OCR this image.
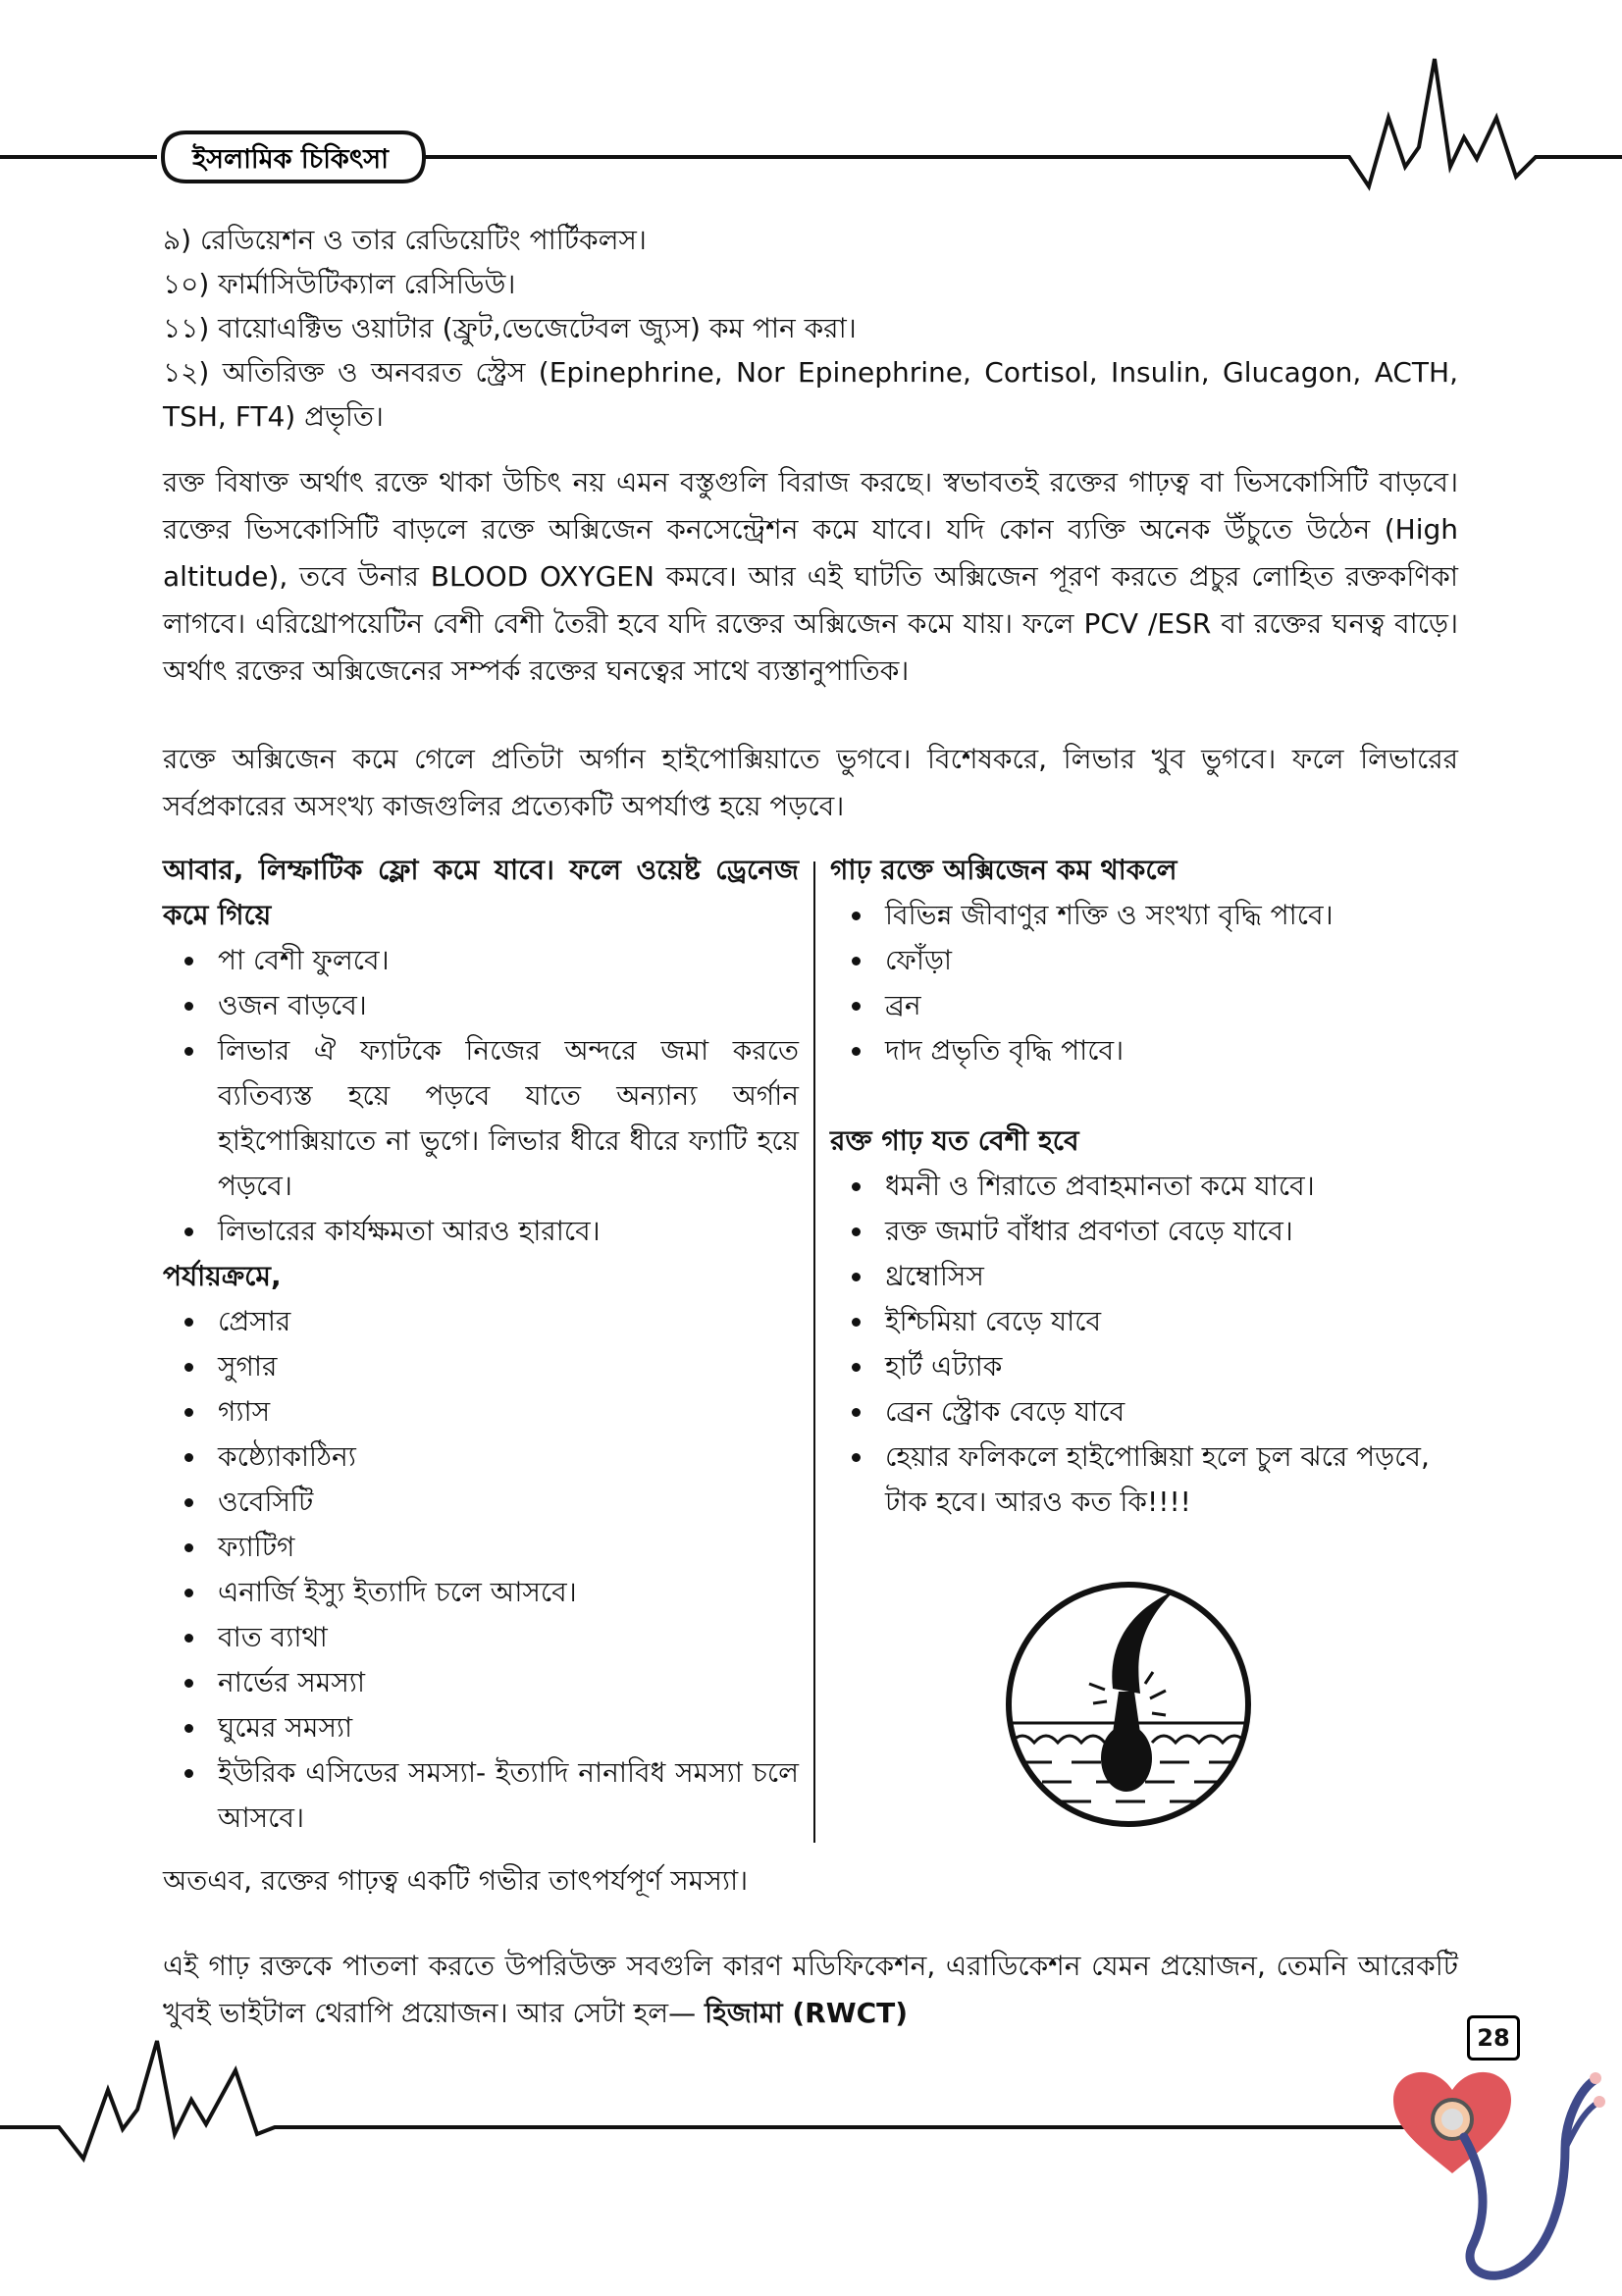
ইসলামিক চিকিৎসা
৯) রেডিয়েশন ও তার রেডিয়েটিং পার্টিকলস।
১০) ফার্মাসিউটিক্যাল রেসিডিউ।
১১) বায়োএক্টিভ ওয়াটার (ফ্রুট,ভেজেটেবল জ্যুস) কম পান করা।
১২) অতিরিক্ত ও অনবরত স্ট্রেস (Epinephrine, Nor Epinephrine, Cortisol, Insulin, Glucagon, ACTH, TSH, FT4) প্রভৃতি।
রক্ত বিষাক্ত অর্থাৎ রক্তে থাকা উচিৎ নয় এমন বস্তুগুলি বিরাজ করছে। স্বভাবতই রক্তের গাঢ়ত্ব বা ভিসকোসিটি বাড়বে। রক্তের ভিসকোসিটি বাড়লে রক্তে অক্সিজেন কনসেন্ট্রেশন কমে যাবে। যদি কোন ব্যক্তি অনেক উঁচুতে উঠেন (High altitude), তবে উনার BLOOD OXYGEN কমবে। আর এই ঘাটতি অক্সিজেন পূরণ করতে প্রচুর লোহিত রক্তকণিকা লাগবে। এরিথ্রোপয়েটিন বেশী বেশী তৈরী হবে যদি রক্তের অক্সিজেন কমে যায়। ফলে PCV /ESR বা রক্তের ঘনত্ব বাড়ে। অর্থাৎ রক্তের অক্সিজেনের সম্পর্ক রক্তের ঘনত্বের সাথে ব্যস্তানুপাতিক।
রক্তে অক্সিজেন কমে গেলে প্রতিটা অর্গান হাইপোক্সিয়াতে ভুগবে। বিশেষকরে, লিভার খুব ভুগবে। ফলে লিভারের সর্বপ্রকারের অসংখ্য কাজগুলির প্রত্যেকটি অপর্যাপ্ত হয়ে পড়বে।
আবার, লিম্ফাটিক ফ্লো কমে যাবে। ফলে ওয়েষ্ট ড্রেনেজ কমে গিয়ে
পা বেশী ফুলবে।
ওজন বাড়বে।
লিভার ঐ ফ্যাটকে নিজের অন্দরে জমা করতে ব্যতিব্যস্ত হয়ে পড়বে যাতে অন্যান্য অর্গান হাইপোক্সিয়াতে না ভুগে। লিভার ধীরে ধীরে ফ্যাটি হয়ে পড়বে।
লিভারের কার্যক্ষমতা আরও হারাবে।
পর্যায়ক্রমে,
প্রেসার
সুগার
গ্যাস
কষ্ঠ্যোকাঠিন্য
ওবেসিটি
ফ্যাটিগ
এনার্জি ইস্যু ইত্যাদি চলে আসবে।
বাত ব্যাথা
নার্ভের সমস্যা
ঘুমের সমস্যা
ইউরিক এসিডের সমস্যা- ইত্যাদি নানাবিধ সমস্যা চলে আসবে।
গাঢ় রক্তে অক্সিজেন কম থাকলে
বিভিন্ন জীবাণুর শক্তি ও সংখ্যা বৃদ্ধি পাবে।
ফোঁড়া
ব্রন
দাদ প্রভৃতি বৃদ্ধি পাবে।
রক্ত গাঢ় যত বেশী হবে
ধমনী ও শিরাতে প্রবাহমানতা কমে যাবে।
রক্ত জমাট বাঁধার প্রবণতা বেড়ে যাবে।
থ্রম্বোসিস
ইশ্চিমিয়া বেড়ে যাবে
হার্ট এট্যাক
ব্রেন স্ট্রোক বেড়ে যাবে
হেয়ার ফলিকলে হাইপোক্সিয়া হলে চুল ঝরে পড়বে, টাক হবে। আরও কত কি!!!!
অতএব, রক্তের গাঢ়ত্ব একটি গভীর তাৎপর্যপূর্ণ সমস্যা।
এই গাঢ় রক্তকে পাতলা করতে উপরিউক্ত সবগুলি কারণ মডিফিকেশন, এরাডিকেশন যেমন প্রয়োজন, তেমনি আরেকটি খুবই ভাইটাল থেরাপি প্রয়োজন। আর সেটা হল— হিজামা (RWCT)
28
